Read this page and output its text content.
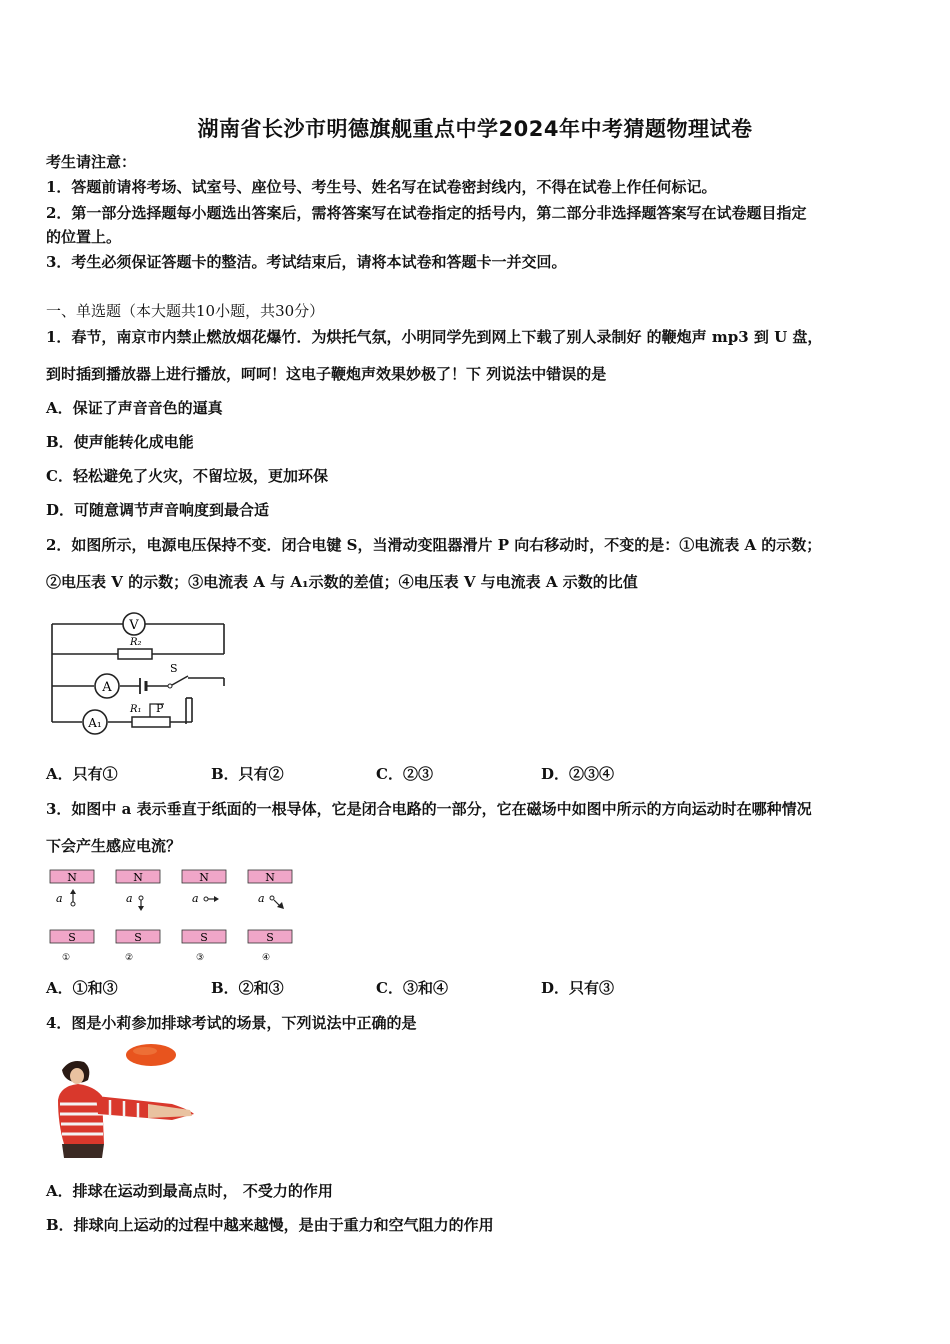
湖南省长沙市明德旗舰重点中学2024年中考猜题物理试卷
考生请注意：
1．答题前请将考场、试室号、座位号、考生号、姓名写在试卷密封线内，不得在试卷上作任何标记。
2．第一部分选择题每小题选出答案后，需将答案写在试卷指定的括号内，第二部分非选择题答案写在试卷题目指定
的位置上。
3．考生必须保证答题卡的整洁。考试结束后，请将本试卷和答题卡一并交回。
一、单选题（本大题共10小题，共30分）
1．春节，南京市内禁止燃放烟花爆竹．为烘托气氛，小明同学先到网上下载了别人录制好 的鞭炮声 mp3 到 U 盘，
到时插到播放器上进行播放，呵呵！这电子鞭炮声效果妙极了！下 列说法中错误的是
A．保证了声音音色的逼真
B．使声能转化成电能
C．轻松避免了火灾，不留垃圾，更加环保
D．可随意调节声音响度到最合适
2．如图所示，电源电压保持不变．闭合电键 S，当滑动变阻器滑片 P 向右移动时，不变的是：①电流表 A 的示数；
②电压表 V 的示数；③电流表 A 与 A₁示数的差值；④电压表 V 与电流表 A 示数的比值
V
R₂
A
S
A₁
R₁ P
A．只有①	B．只有②	C．②③	D．②③④
3．如图中 a 表示垂直于纸面的一根导体，它是闭合电路的一部分，它在磁场中如图中所示的方向运动时在哪种情况
下会产生感应电流？
N
a
S
①
N
a
S
②
N
a
S
③
N
a
S
④
A．①和③	B．②和③	C．③和④	D．只有③
4．图是小莉参加排球考试的场景，下列说法中正确的是
A．排球在运动到最高点时， 不受力的作用
B．排球向上运动的过程中越来越慢，是由于重力和空气阻力的作用
